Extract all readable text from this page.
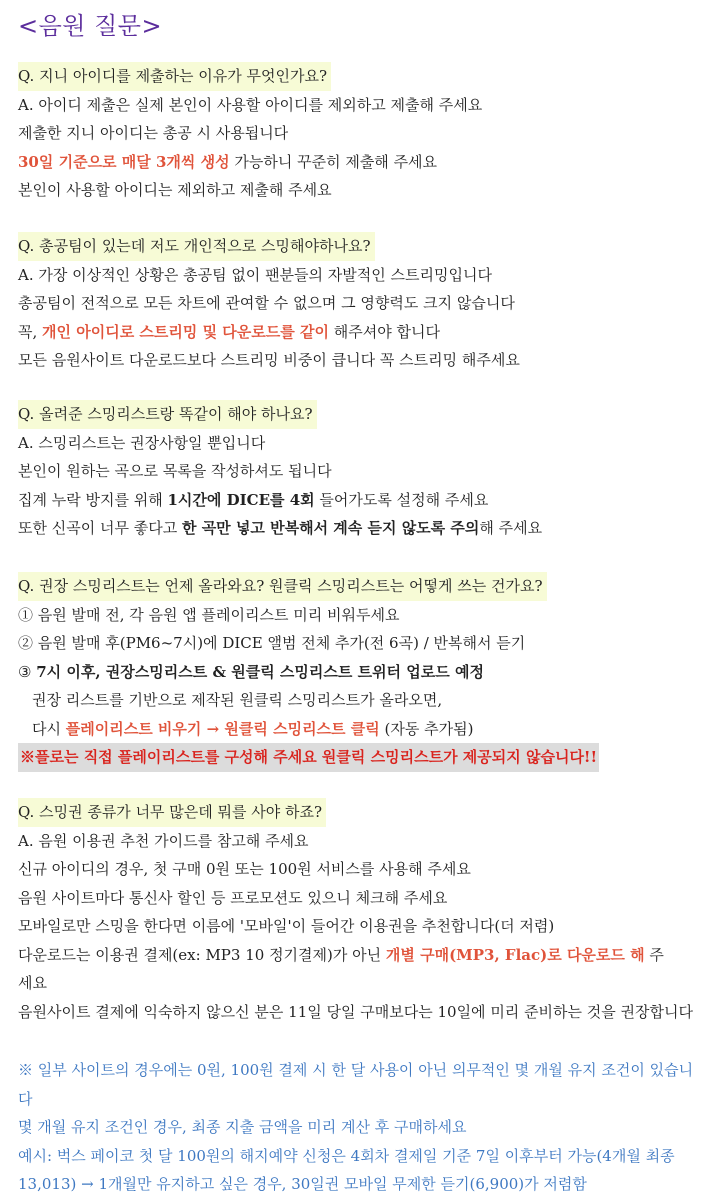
<음원 질문>
Q. 지니 아이디를 제출하는 이유가 무엇인가요?
A. 아이디 제출은 실제 본인이 사용할 아이디를 제외하고 제출해 주세요
제출한 지니 아이디는 총공 시 사용됩니다
30일 기준으로 매달 3개씩 생성 가능하니 꾸준히 제출해 주세요
본인이 사용할 아이디는 제외하고 제출해 주세요
Q. 총공팀이 있는데 저도 개인적으로 스밍해야하나요?
A. 가장 이상적인 상황은 총공팀 없이 팬분들의 자발적인 스트리밍입니다
총공팀이 전적으로 모든 차트에 관여할 수 없으며 그 영향력도 크지 않습니다
꼭, 개인 아이디로 스트리밍 및 다운로드를 같이 해주셔야 합니다
모든 음원사이트 다운로드보다 스트리밍 비중이 큽니다 꼭 스트리밍 해주세요
Q. 올려준 스밍리스트랑 똑같이 해야 하나요?
A. 스밍리스트는 권장사항일 뿐입니다
본인이 원하는 곡으로 목록을 작성하셔도 됩니다
집계 누락 방지를 위해 1시간에 DICE를 4회 들어가도록 설정해 주세요
또한 신곡이 너무 좋다고 한 곡만 넣고 반복해서 계속 듣지 않도록 주의해 주세요
Q. 권장 스밍리스트는 언제 올라와요? 원클릭 스밍리스트는 어떻게 쓰는 건가요?
① 음원 발매 전, 각 음원 앱 플레이리스트 미리 비워두세요
② 음원 발매 후(PM6~7시)에 DICE 앨범 전체 추가(전 6곡) / 반복해서 듣기
③ 7시 이후, 권장스밍리스트 & 원클릭 스밍리스트 트위터 업로드 예정
권장 리스트를 기반으로 제작된 원클릭 스밍리스트가 올라오면,
다시 플레이리스트 비우기 → 원클릭 스밍리스트 클릭 (자동 추가됨)
※플로는 직접 플레이리스트를 구성해 주세요 원클릭 스밍리스트가 제공되지 않습니다!!
Q. 스밍권 종류가 너무 많은데 뭐를 사야 하죠?
A. 음원 이용권 추천 가이드를 참고해 주세요
신규 아이디의 경우, 첫 구매 0원 또는 100원 서비스를 사용해 주세요
음원 사이트마다 통신사 할인 등 프로모션도 있으니 체크해 주세요
모바일로만 스밍을 한다면 이름에 '모바일'이 들어간 이용권을 추천합니다(더 저렴)
다운로드는 이용권 결제(ex: MP3 10 정기결제)가 아닌 개별 구매(MP3, Flac)로 다운로드 해 주세요
음원사이트 결제에 익숙하지 않으신 분은 11일 당일 구매보다는 10일에 미리 준비하는 것을 권장합니다
※ 일부 사이트의 경우에는 0원, 100원 결제 시 한 달 사용이 아닌 의무적인 몇 개월 유지 조건이 있습니다
몇 개월 유지 조건인 경우, 최종 지출 금액을 미리 계산 후 구매하세요
예시: 벅스 페이코 첫 달 100원의 해지예약 신청은 4회차 결제일 기준 7일 이후부터 가능(4개월 최종 13,013) → 1개월만 유지하고 싶은 경우, 30일권 모바일 무제한 듣기(6,900)가 저렴함
